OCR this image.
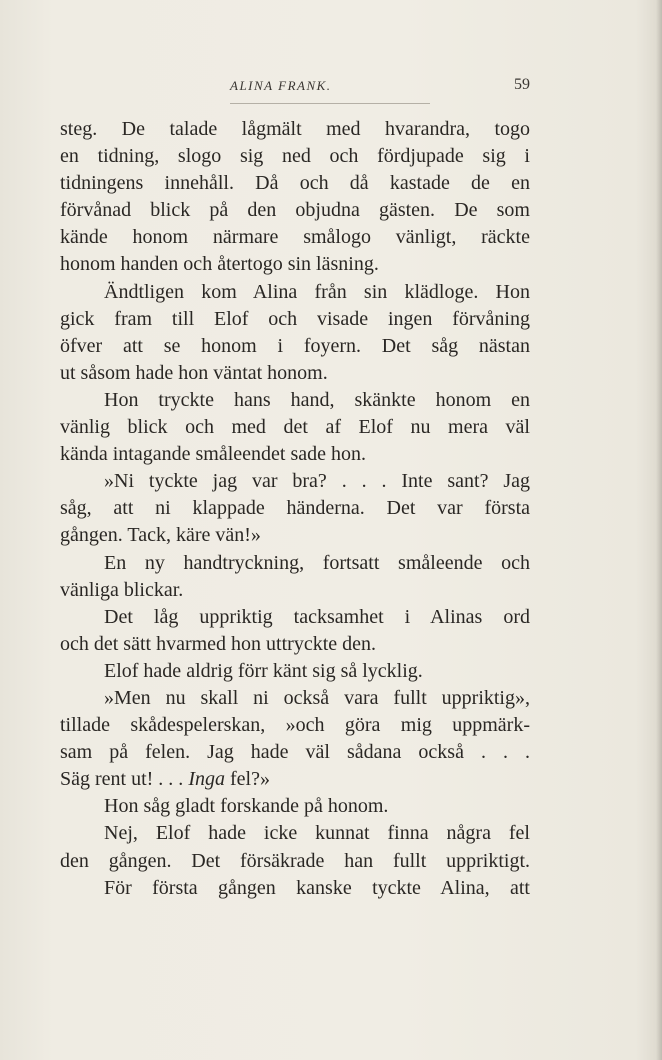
ALINA FRANK.	59
steg. De talade lågmält med hvarandra, togo
en tidning, slogo sig ned och fördjupade sig i
tidningens innehåll. Då och då kastade de en
förvånad blick på den objudna gästen. De som
kände honom närmare smålogo vänligt, räckte
honom handen och återtogo sin läsning.
Ändtligen kom Alina från sin klädloge. Hon
gick fram till Elof och visade ingen förvåning
öfver att se honom i foyern. Det såg nästan
ut såsom hade hon väntat honom.
Hon tryckte hans hand, skänkte honom en
vänlig blick och med det af Elof nu mera väl
kända intagande småleendet sade hon.
»Ni tyckte jag var bra? . . . Inte sant? Jag
såg, att ni klappade händerna. Det var första
gången. Tack, käre vän!»
En ny handtryckning, fortsatt småleende och
vänliga blickar.
Det låg uppriktig tacksamhet i Alinas ord
och det sätt hvarmed hon uttryckte den.
Elof hade aldrig förr känt sig så lycklig.
»Men nu skall ni också vara fullt uppriktig»,
tillade skådespelerskan, »och göra mig uppmärk-
sam på felen. Jag hade väl sådana också . . .
Säg rent ut! . . . Inga fel?»
Hon såg gladt forskande på honom.
Nej, Elof hade icke kunnat finna några fel
den gången. Det försäkrade han fullt uppriktigt.
För första gången kanske tyckte Alina, att
